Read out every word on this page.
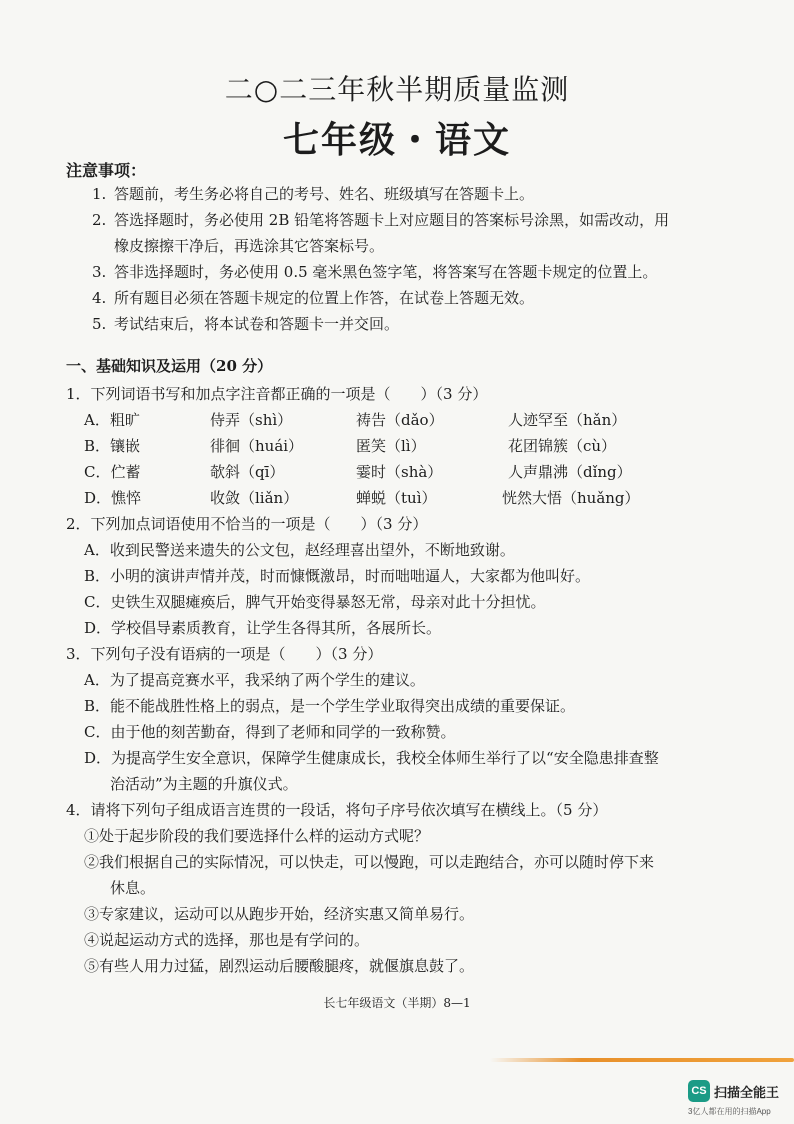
二○二三年秋半期质量监测
七年级・语文
注意事项：
1. 答题前，考生务必将自己的考号、姓名、班级填写在答题卡上。
2. 答选择题时，务必使用 2B 铅笔将答题卡上对应题目的答案标号涂黑，如需改动，用
橡皮擦擦干净后，再选涂其它答案标号。
3. 答非选择题时，务必使用 0.5 毫米黑色签字笔，将答案写在答题卡规定的位置上。
4. 所有题目必须在答题卡规定的位置上作答，在试卷上答题无效。
5. 考试结束后，将本试卷和答题卡一并交回。
一、基础知识及运用（20 分）
1．下列词语书写和加点字注音都正确的一项是（　　）（3 分）
A．粗旷	侍弄（shì）	祷告（dǎo）	人迹罕至（hǎn）
B．镶嵌	徘徊（huái）	匿笑（lì）	花团锦簇（cù）
C．伫蓄	欹斜（qī）	霎时（shà）	人声鼎沸（dǐng）
D．憔悴	收敛（liǎn）	蝉蜕（tuì）	恍然大悟（huǎng）
2．下列加点词语使用不恰当的一项是（　　）（3 分）
A．收到民警送来遗失的公文包，赵经理喜出望外，不断地致谢。
B．小明的演讲声情并茂，时而慷慨激昂，时而咄咄逼人，大家都为他叫好。
C．史铁生双腿瘫痪后，脾气开始变得暴怒无常，母亲对此十分担忧。
D．学校倡导素质教育，让学生各得其所，各展所长。
3．下列句子没有语病的一项是（　　）（3 分）
A．为了提高竞赛水平，我采纳了两个学生的建议。
B．能不能战胜性格上的弱点，是一个学生学业取得突出成绩的重要保证。
C．由于他的刻苦勤奋，得到了老师和同学的一致称赞。
D．为提高学生安全意识，保障学生健康成长，我校全体师生举行了以“安全隐患排查整
治活动”为主题的升旗仪式。
4．请将下列句子组成语言连贯的一段话，将句子序号依次填写在横线上。（5 分）
①处于起步阶段的我们要选择什么样的运动方式呢？
②我们根据自己的实际情况，可以快走，可以慢跑，可以走跑结合，亦可以随时停下来
休息。
③专家建议，运动可以从跑步开始，经济实惠又简单易行。
④说起运动方式的选择，那也是有学问的。
⑤有些人用力过猛，剧烈运动后腰酸腿疼，就偃旗息鼓了。
长七年级语文（半期）8—1
CS 扫描全能王
3亿人都在用的扫描App
